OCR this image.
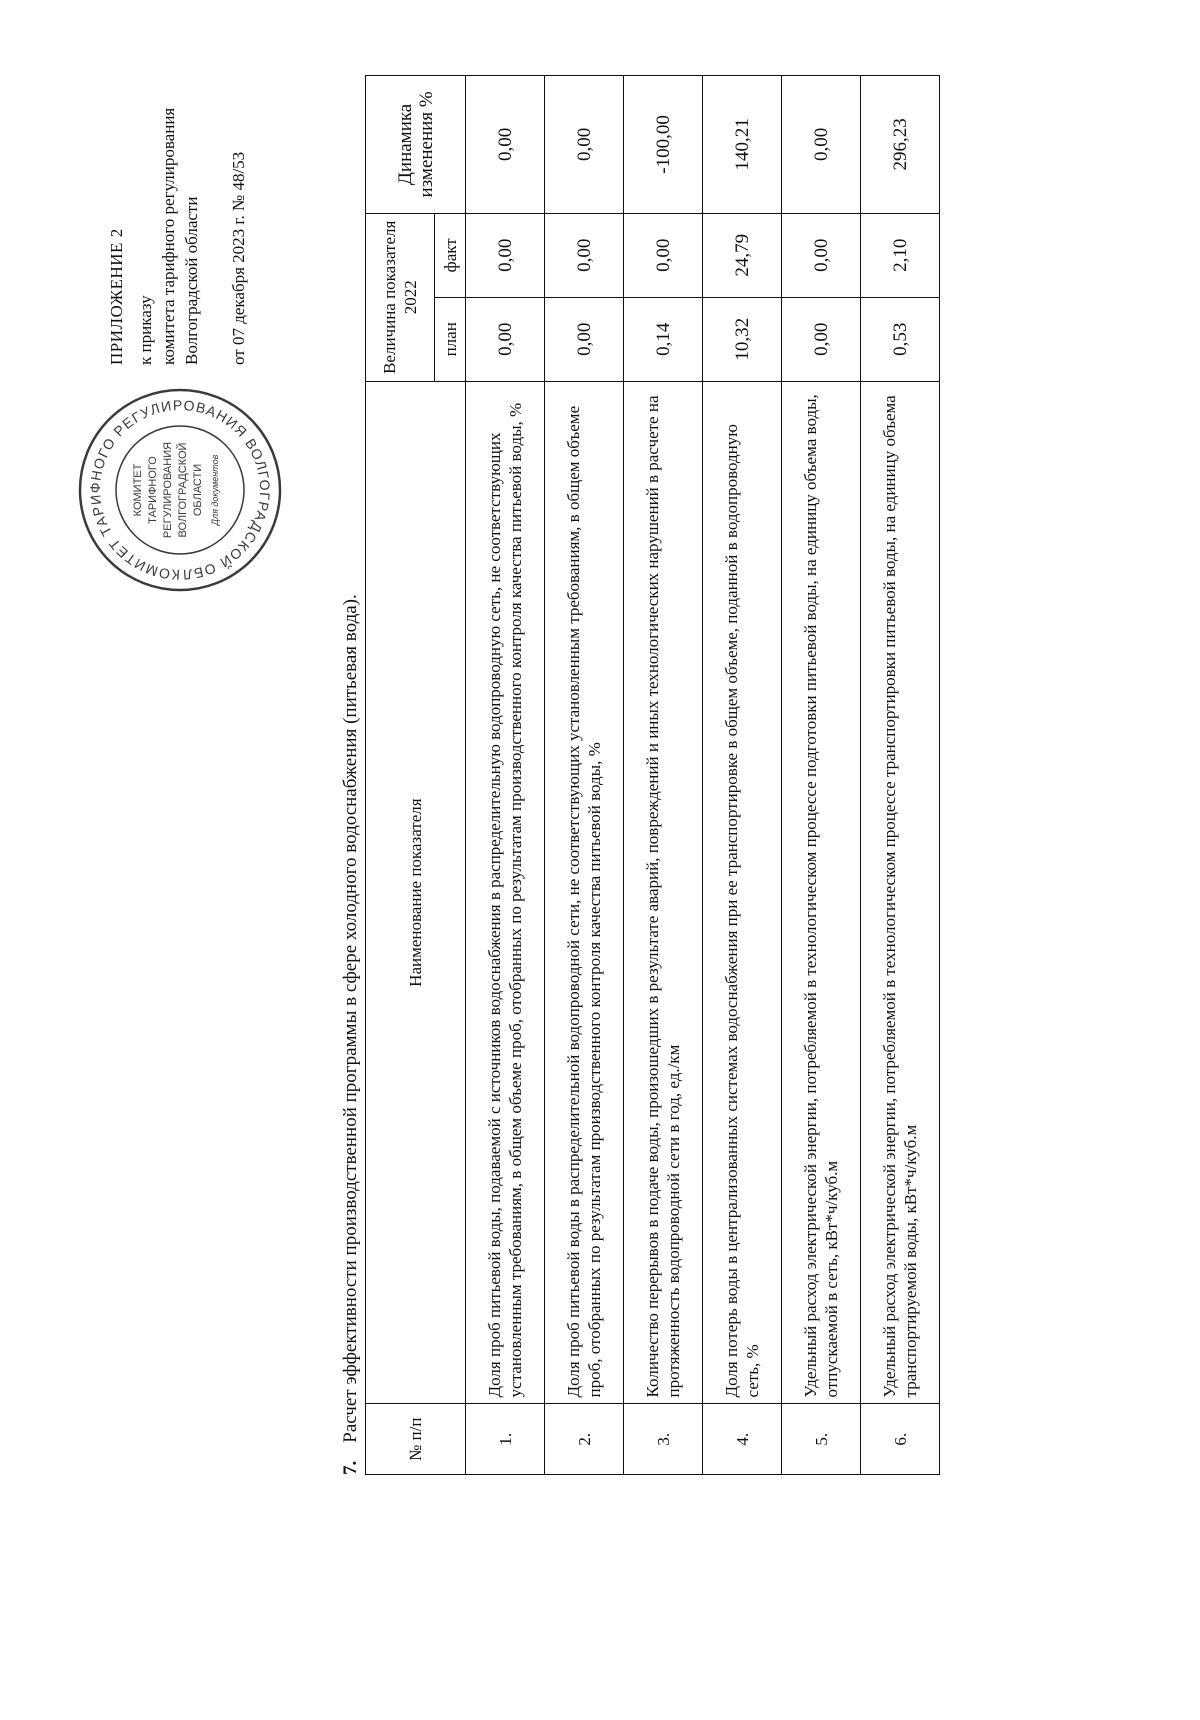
КОМИТЕТ ТАРИФНОГО РЕГУЛИРОВАНИЯ ВОЛГОГРАДСКОЙ ОБЛ
КОМИТЕТ ТАРИФНОГО РЕГУЛИРОВАНИЯ ВОЛГОГРАДСКОЙ ОБЛАСТИ Для документов
ПРИЛОЖЕНИЕ 2 к приказу комитета тарифного регулирования Волгоградской области от 07 декабря 2023 г. № 48/53
7.Расчет эффективности производственной программы в сфере холодного водоснабжения (питьевая вода).	№ п/п	Наименование показателя	Величина показателя 2022		Динамика изменения %
		план	факт	
1.	Доля проб питьевой воды, подаваемой с источников водоснабжения в распределительную водопроводную сеть, не соответствующих установленным требованиям, в общем объеме проб, отобранных по результатам производственного контроля качества питьевой воды, %	0,00	0,00	0,00
2.	Доля проб питьевой воды в распределительной водопроводной сети, не соответствующих установленным требованиям, в общем объеме проб, отобранных по результатам производственного контроля качества питьевой воды, %	0,00	0,00	0,00
3.	Количество перерывов в подаче воды, произошедших в результате аварий, повреждений и иных технологических нарушений в расчете на протяженность водопроводной сети в год, ед./км	0,14	0,00	-100,00
4.	Доля потерь воды в централизованных системах водоснабжения при ее транспортировке в общем объеме, поданной в водопроводную сеть, %	10,32	24,79	140,21
5.	Удельный расход электрической энергии, потребляемой в технологическом процессе подготовки питьевой воды, на единицу объема воды, отпускаемой в сеть, кВт*ч/куб.м	0,00	0,00	0,00
6.	Удельный расход электрической энергии, потребляемой в технологическом процессе транспортировки питьевой воды, на единицу объема транспортируемой воды, кВт*ч/куб.м	0,53	2,10	296,23
